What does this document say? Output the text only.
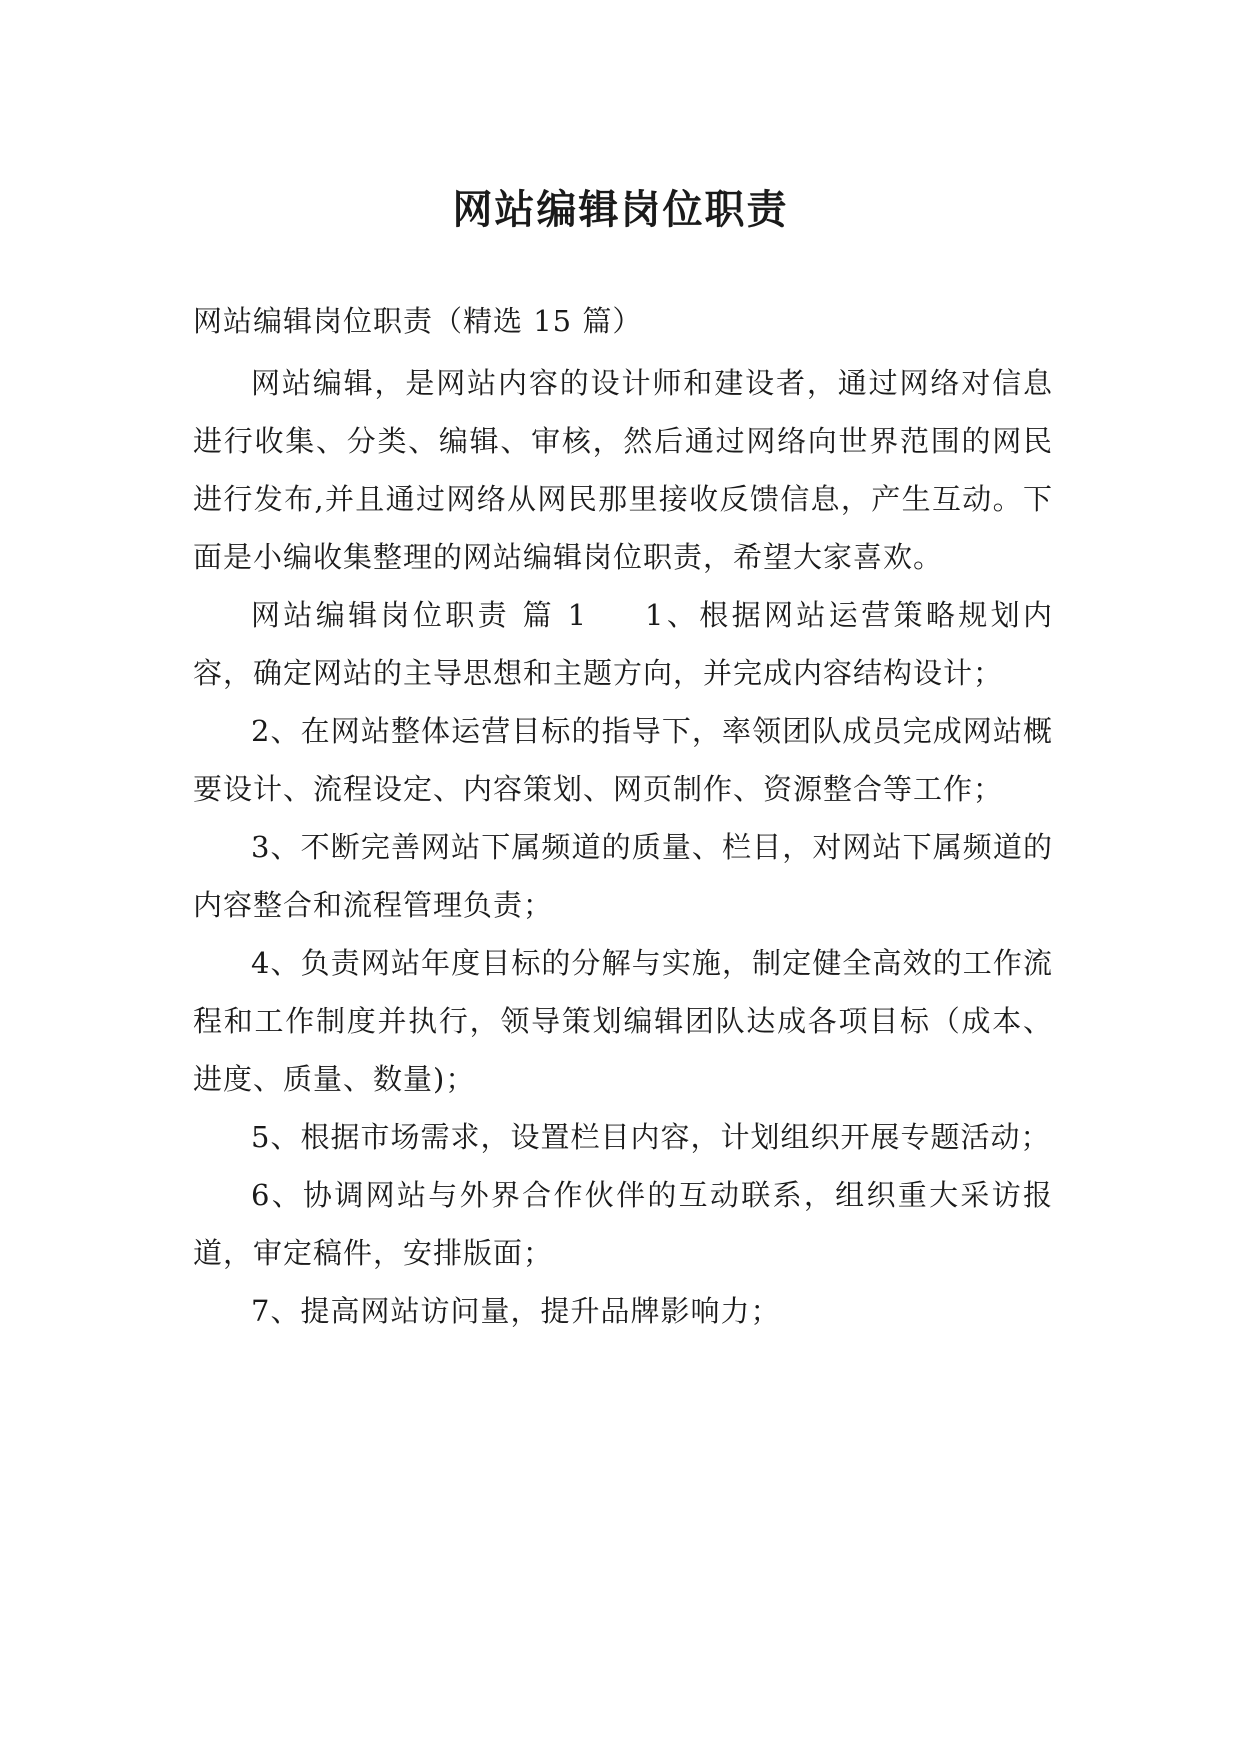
网站编辑岗位职责

网站编辑岗位职责（精选 15 篇）

网站编辑，是网站内容的设计师和建设者，通过网络对信息进行收集、分类、编辑、审核，然后通过网络向世界范围的网民进行发布,并且通过网络从网民那里接收反馈信息，产生互动。下面是小编收集整理的网站编辑岗位职责，希望大家喜欢。

网站编辑岗位职责 篇 1 1、根据网站运营策略规划内容，确定网站的主导思想和主题方向，并完成内容结构设计；

2、在网站整体运营目标的指导下，率领团队成员完成网站概要设计、流程设定、内容策划、网页制作、资源整合等工作；

3、不断完善网站下属频道的质量、栏目，对网站下属频道的内容整合和流程管理负责；

4、负责网站年度目标的分解与实施，制定健全高效的工作流程和工作制度并执行，领导策划编辑团队达成各项目标（成本、进度、质量、数量)；

5、根据市场需求，设置栏目内容，计划组织开展专题活动；

6、协调网站与外界合作伙伴的互动联系，组织重大采访报道，审定稿件，安排版面；

7、提高网站访问量，提升品牌影响力；
